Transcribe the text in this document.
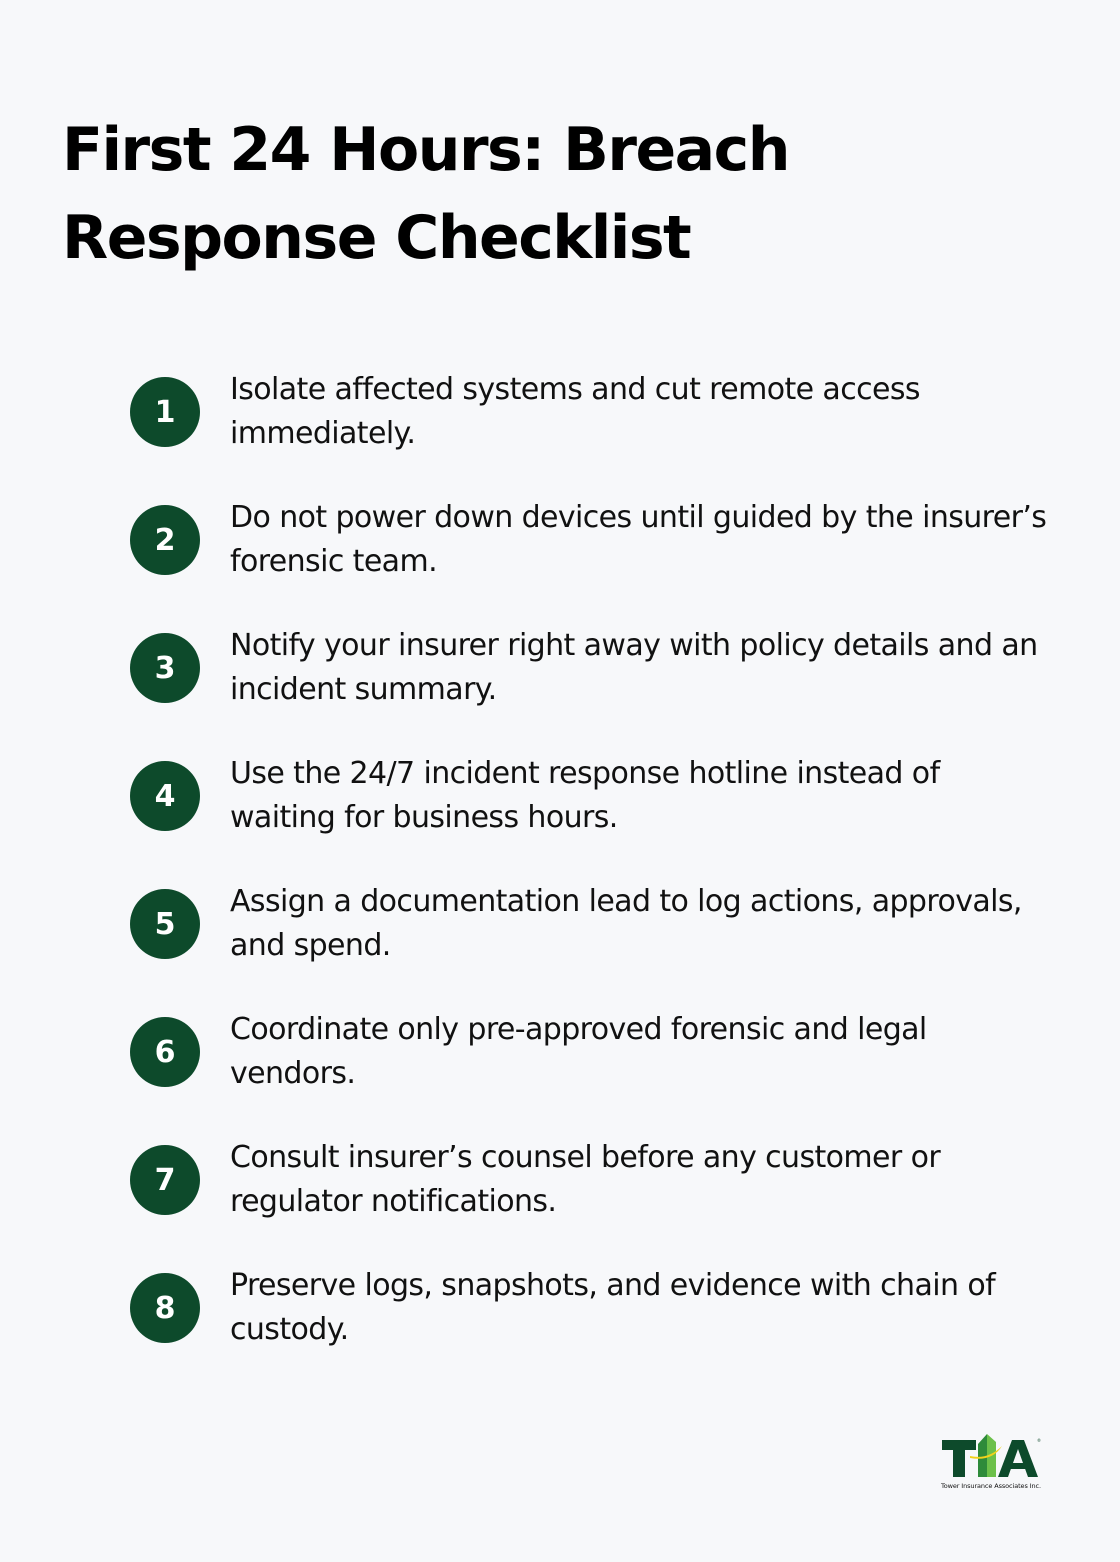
First 24 Hours: Breach Response Checklist
1
Isolate affected systems and cut remote access immediately.
2
Do not power down devices until guided by the insurer’s forensic team.
3
Notify your insurer right away with policy details and an incident summary.
4
Use the 24/7 incident response hotline instead of waiting for business hours.
5
Assign a documentation lead to log actions, approvals, and spend.
6
Coordinate only pre-approved forensic and legal vendors.
7
Consult insurer’s counsel before any customer or regulator notifications.
8
Preserve logs, snapshots, and evidence with chain of custody.
®
Tower Insurance Associates Inc.
